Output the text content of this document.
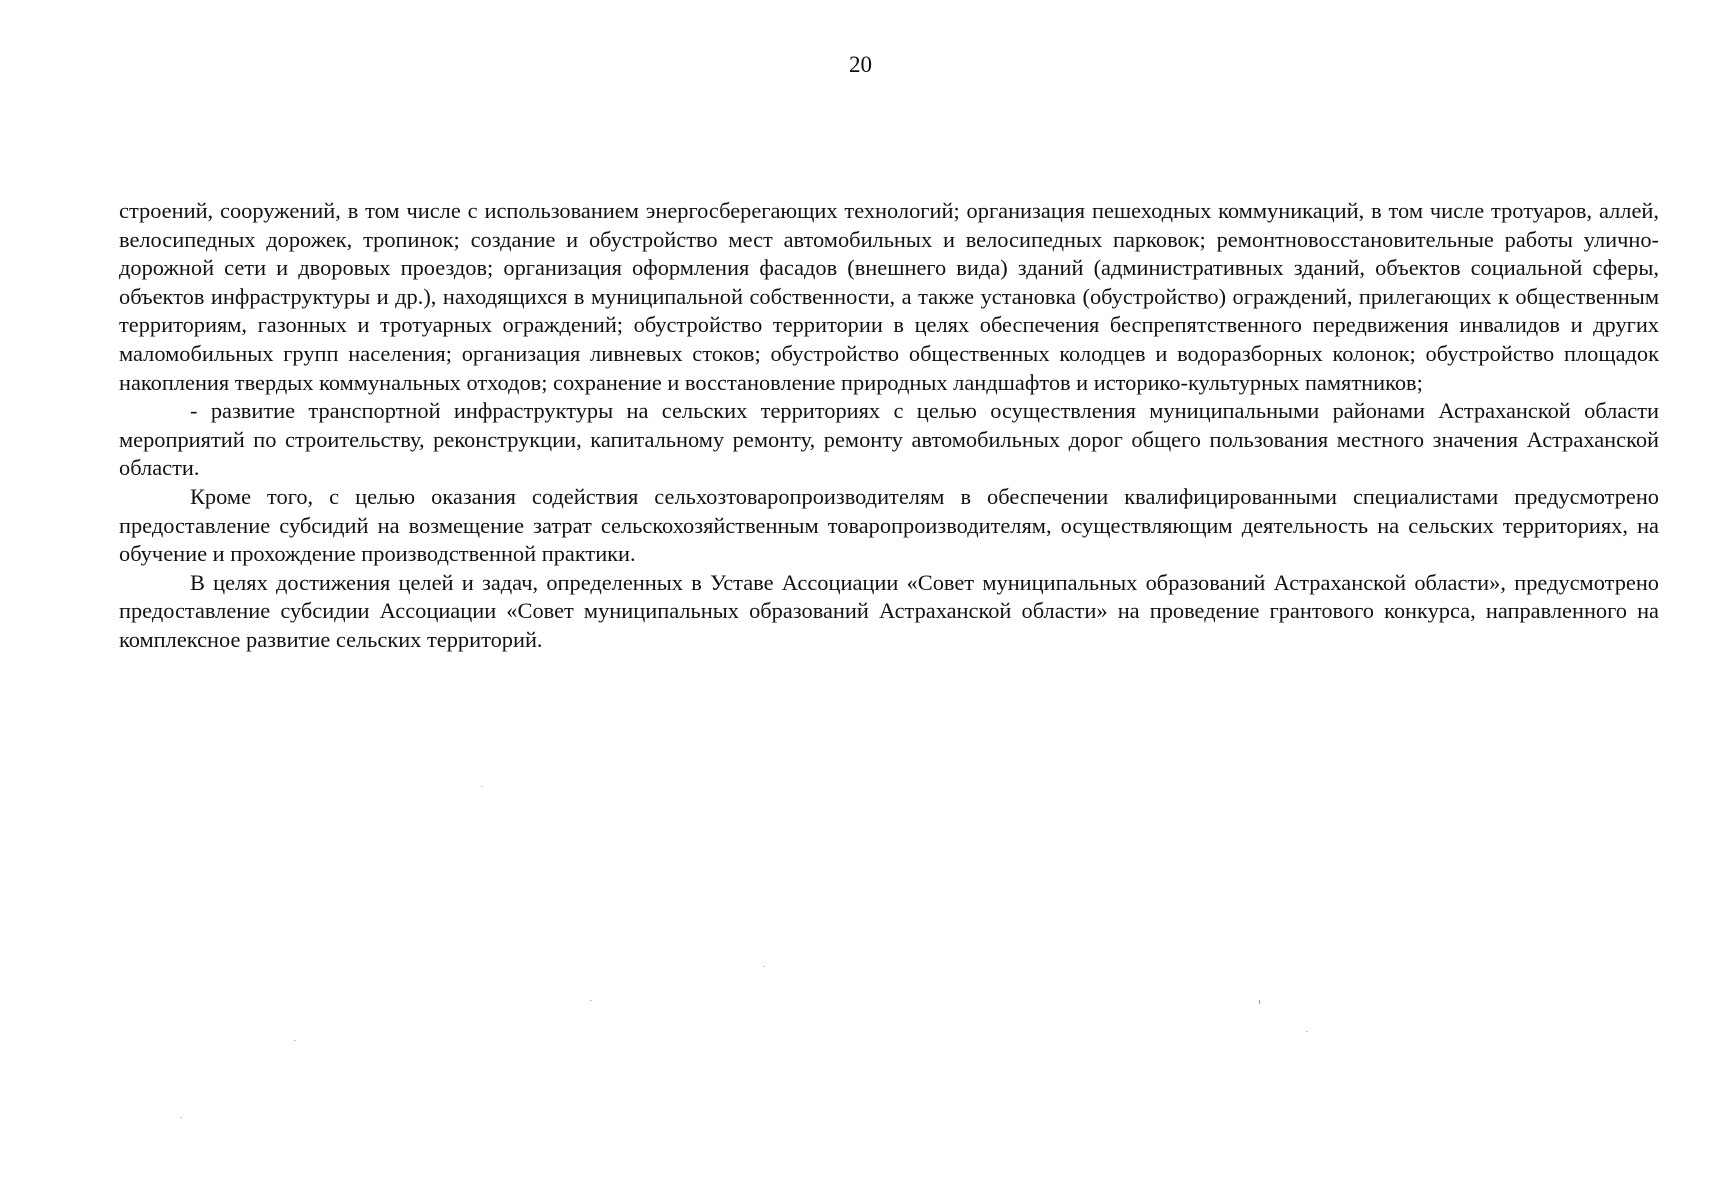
20

строений, сооружений, в том числе с использованием энергосберегающих технологий; организация пешеходных коммуникаций, в том числе тротуаров, аллей, велосипедных дорожек, тропинок; создание и обустройство мест автомобильных и велосипедных парковок; ремонтновосстановительные работы улично-дорожной сети и дворовых проездов; организация оформления фасадов (внешнего вида) зданий (административных зданий, объектов социальной сферы, объектов инфраструктуры и др.), находящихся в муниципальной собственности, а также установка (обустройство) ограждений, прилегающих к общественным территориям, газонных и тротуарных ограждений; обустройство территории в целях обеспечения беспрепятственного передвижения инвалидов и других маломобильных групп населения; организация ливневых стоков; обустройство общественных колодцев и водоразборных колонок; обустройство площадок накопления твердых коммунальных отходов; сохранение и восстановление природных ландшафтов и историко-культурных памятников;

- развитие транспортной инфраструктуры на сельских территориях с целью осуществления муниципальными районами Астраханской области мероприятий по строительству, реконструкции, капитальному ремонту, ремонту автомобильных дорог общего пользования местного значения Астраханской области.

Кроме того, с целью оказания содействия сельхозтоваропроизводителям в обеспечении квалифицированными специалистами предусмотрено предоставление субсидий на возмещение затрат сельскохозяйственным товаропроизводителям, осуществляющим деятельность на сельских территориях, на обучение и прохождение производственной практики.

В целях достижения целей и задач, определенных в Уставе Ассоциации «Совет муниципальных образований Астраханской области», предусмотрено предоставление субсидии Ассоциации «Совет муниципальных образований Астраханской области» на проведение грантового конкурса, направленного на комплексное развитие сельских территорий.
